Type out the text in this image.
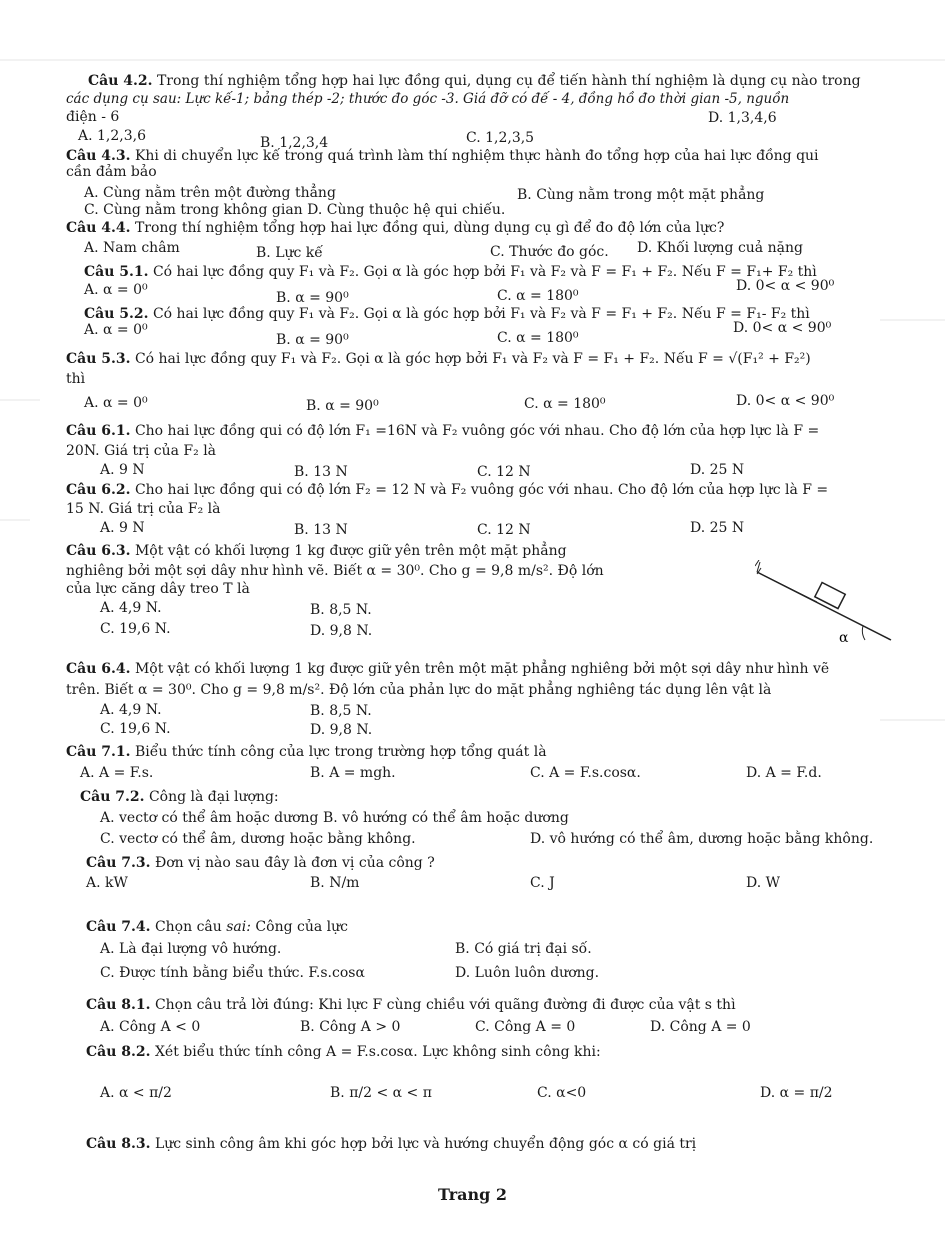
Câu 4.2. Trong thí nghiệm tổng hợp hai lực đồng qui, dụng cụ để tiến hành thí nghiệm là dụng cụ nào trong
các dụng cụ sau: Lực kế-1; bảng thép -2; thước đo góc -3. Giá đỡ có đế - 4, đồng hồ đo thời gian -5, nguồn
điện - 6	D. 1,3,4,6
A. 1,2,3,6	B. 1,2,3,4	C. 1,2,3,5
Câu 4.3. Khi di chuyển lực kế trong quá trình làm thí nghiệm thực hành đo tổng hợp của hai lực đồng qui
cần đảm bảo
A. Cùng nằm trên một đường thẳng	B. Cùng nằm trong một mặt phẳng
C. Cùng nằm trong không gian D. Cùng thuộc hệ qui chiếu.
Câu 4.4. Trong thí nghiệm tổng hợp hai lực đồng qui, dùng dụng cụ gì để đo độ lớn của lực?
A. Nam châm	B. Lực kế	C. Thước đo góc. D. Khối lượng cuả nặng
Câu 5.1. Có hai lực đồng quy F₁ và F₂. Gọi α là góc hợp bởi F₁ và F₂ và F = F₁ + F₂. Nếu F = F₁+ F₂ thì
A. α = 0⁰	B. α = 90⁰	C. α = 180⁰
D. 0< α < 90⁰
Câu 5.2. Có hai lực đồng quy F₁ và F₂. Gọi α là góc hợp bởi F₁ và F₂ và F = F₁ + F₂. Nếu F = F₁- F₂ thì
A. α = 0⁰
B. α = 90⁰	C. α = 180⁰
D. 0< α < 90⁰
Câu 5.3. Có hai lực đồng quy F₁ và F₂. Gọi α là góc hợp bởi F₁ và F₂ và F = F₁ + F₂. Nếu F = √(F₁² + F₂²)
thì
A. α = 0⁰	B. α = 90⁰	C. α = 180⁰	D. 0< α < 90⁰
Câu 6.1. Cho hai lực đồng qui có độ lớn F₁ =16N và F₂ vuông góc với nhau. Cho độ lớn của hợp lực là F =
20N. Giá trị của F₂ là
A. 9 N	B. 13 N	C. 12 N	D. 25 N
Câu 6.2. Cho hai lực đồng qui có độ lớn F₂ = 12 N và F₂ vuông góc với nhau. Cho độ lớn của hợp lực là F =
15 N. Giá trị của F₂ là
A. 9 N	B. 13 N	C. 12 N	D. 25 N
Câu 6.3. Một vật có khối lượng 1 kg được giữ yên trên một mặt phẳng
nghiêng bởi một sợi dây như hình vẽ. Biết α = 30⁰. Cho g = 9,8 m/s². Độ lớn
của lực căng dây treo T là
A. 4,9 N.	B. 8,5 N.
C. 19,6 N.	D. 9,8 N.	α
Câu 6.4. Một vật có khối lượng 1 kg được giữ yên trên một mặt phẳng nghiêng bởi một sợi dây như hình vẽ
trên. Biết α = 30⁰. Cho g = 9,8 m/s². Độ lớn của phản lực do mặt phẳng nghiêng tác dụng lên vật là
A. 4,9 N.	B. 8,5 N.
C. 19,6 N.	D. 9,8 N.
Câu 7.1. Biểu thức tính công của lực trong trường hợp tổng quát là
A. A = F.s.	B. A = mgh.	C. A = F.s.cosα.	D. A = F.d.
Câu 7.2. Công là đại lượng:
A. vectơ có thể âm hoặc dương B. vô hướng có thể âm hoặc dương
C. vectơ có thể âm, dương hoặc bằng không.	D. vô hướng có thể âm, dương hoặc bằng không.
Câu 7.3. Đơn vị nào sau đây là đơn vị của công ?
A. kW	B. N/m	C. J	D. W
Câu 7.4. Chọn câu sai: Công của lực
A. Là đại lượng vô hướng.	B. Có giá trị đại số.
C. Được tính bằng biểu thức. F.s.cosα	D. Luôn luôn dương.
Câu 8.1. Chọn câu trả lời đúng: Khi lực F cùng chiều với quãng đường đi được của vật s thì
A. Công A < 0	B. Công A > 0	C. Công A = 0	D. Công A = 0
Câu 8.2. Xét biểu thức tính công A = F.s.cosα. Lực không sinh công khi:
A. α < π/2	B. π/2 < α < π	C. α<0	D. α = π/2
Câu 8.3. Lực sinh công âm khi góc hợp bởi lực và hướng chuyển động góc α có giá trị
Trang 2
